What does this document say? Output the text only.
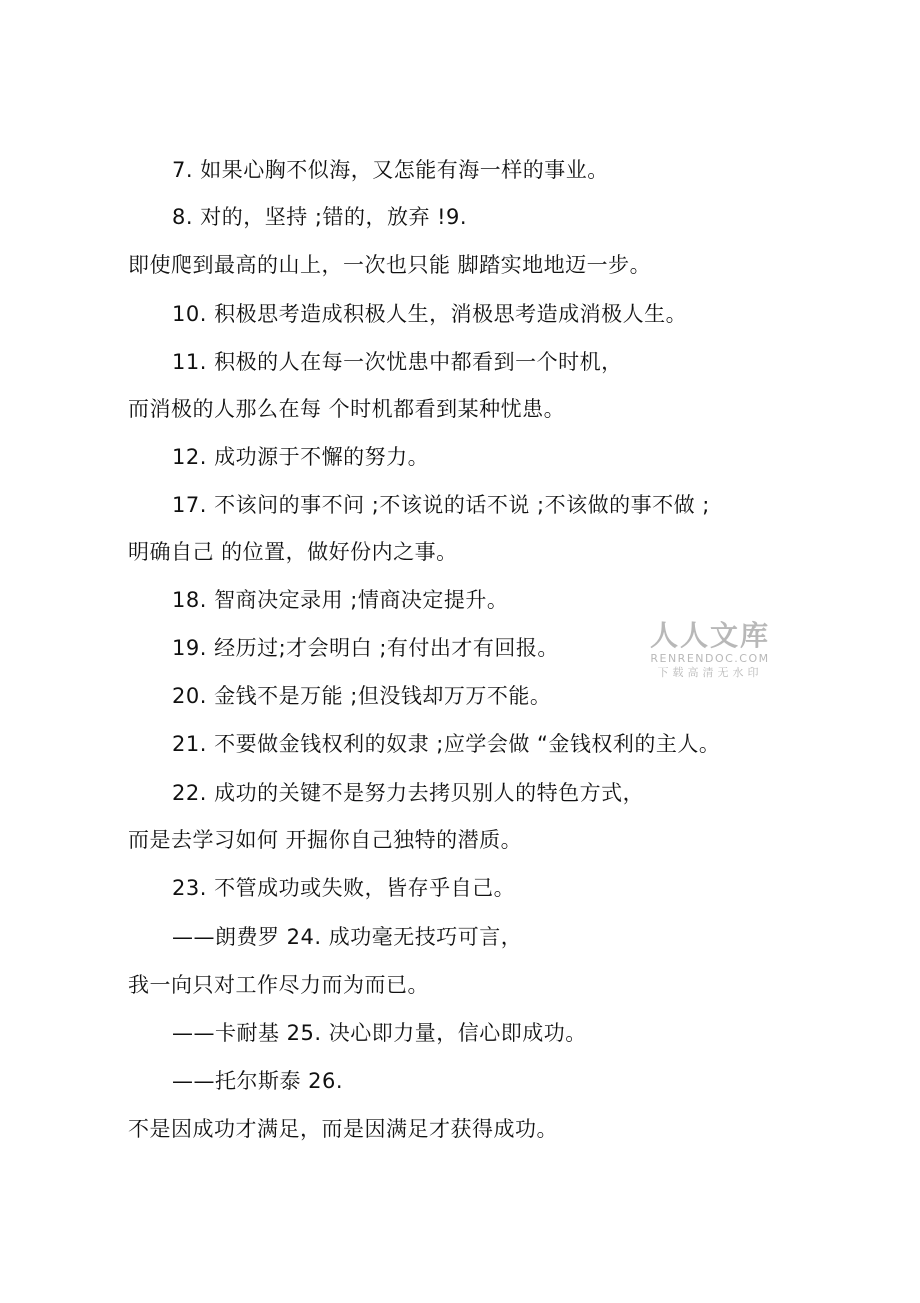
7. 如果心胸不似海，又怎能有海一样的事业。
8. 对的，坚持 ;错的，放弃 !9.
即使爬到最高的山上，一次也只能 脚踏实地地迈一步。
10. 积极思考造成积极人生，消极思考造成消极人生。
11. 积极的人在每一次忧患中都看到一个时机，
而消极的人那么在每 个时机都看到某种忧患。
12. 成功源于不懈的努力。
17. 不该问的事不问 ;不该说的话不说 ;不该做的事不做 ;
明确自己 的位置，做好份内之事。
18. 智商决定录用 ;情商决定提升。
19. 经历过;才会明白 ;有付出才有回报。
20. 金钱不是万能 ;但没钱却万万不能。
21. 不要做金钱权利的奴隶 ;应学会做 “金钱权利的主人。
22. 成功的关键不是努力去拷贝别人的特色方式，
而是去学习如何 开掘你自己独特的潜质。
23. 不管成功或失败，皆存乎自己。
——朗费罗 24. 成功毫无技巧可言，
我一向只对工作尽力而为而已。
——卡耐基 25. 决心即力量，信心即成功。
——托尔斯泰 26.
不是因成功才满足，而是因满足才获得成功。
人人文库
RENRENDOC.COM
下载高清无水印
